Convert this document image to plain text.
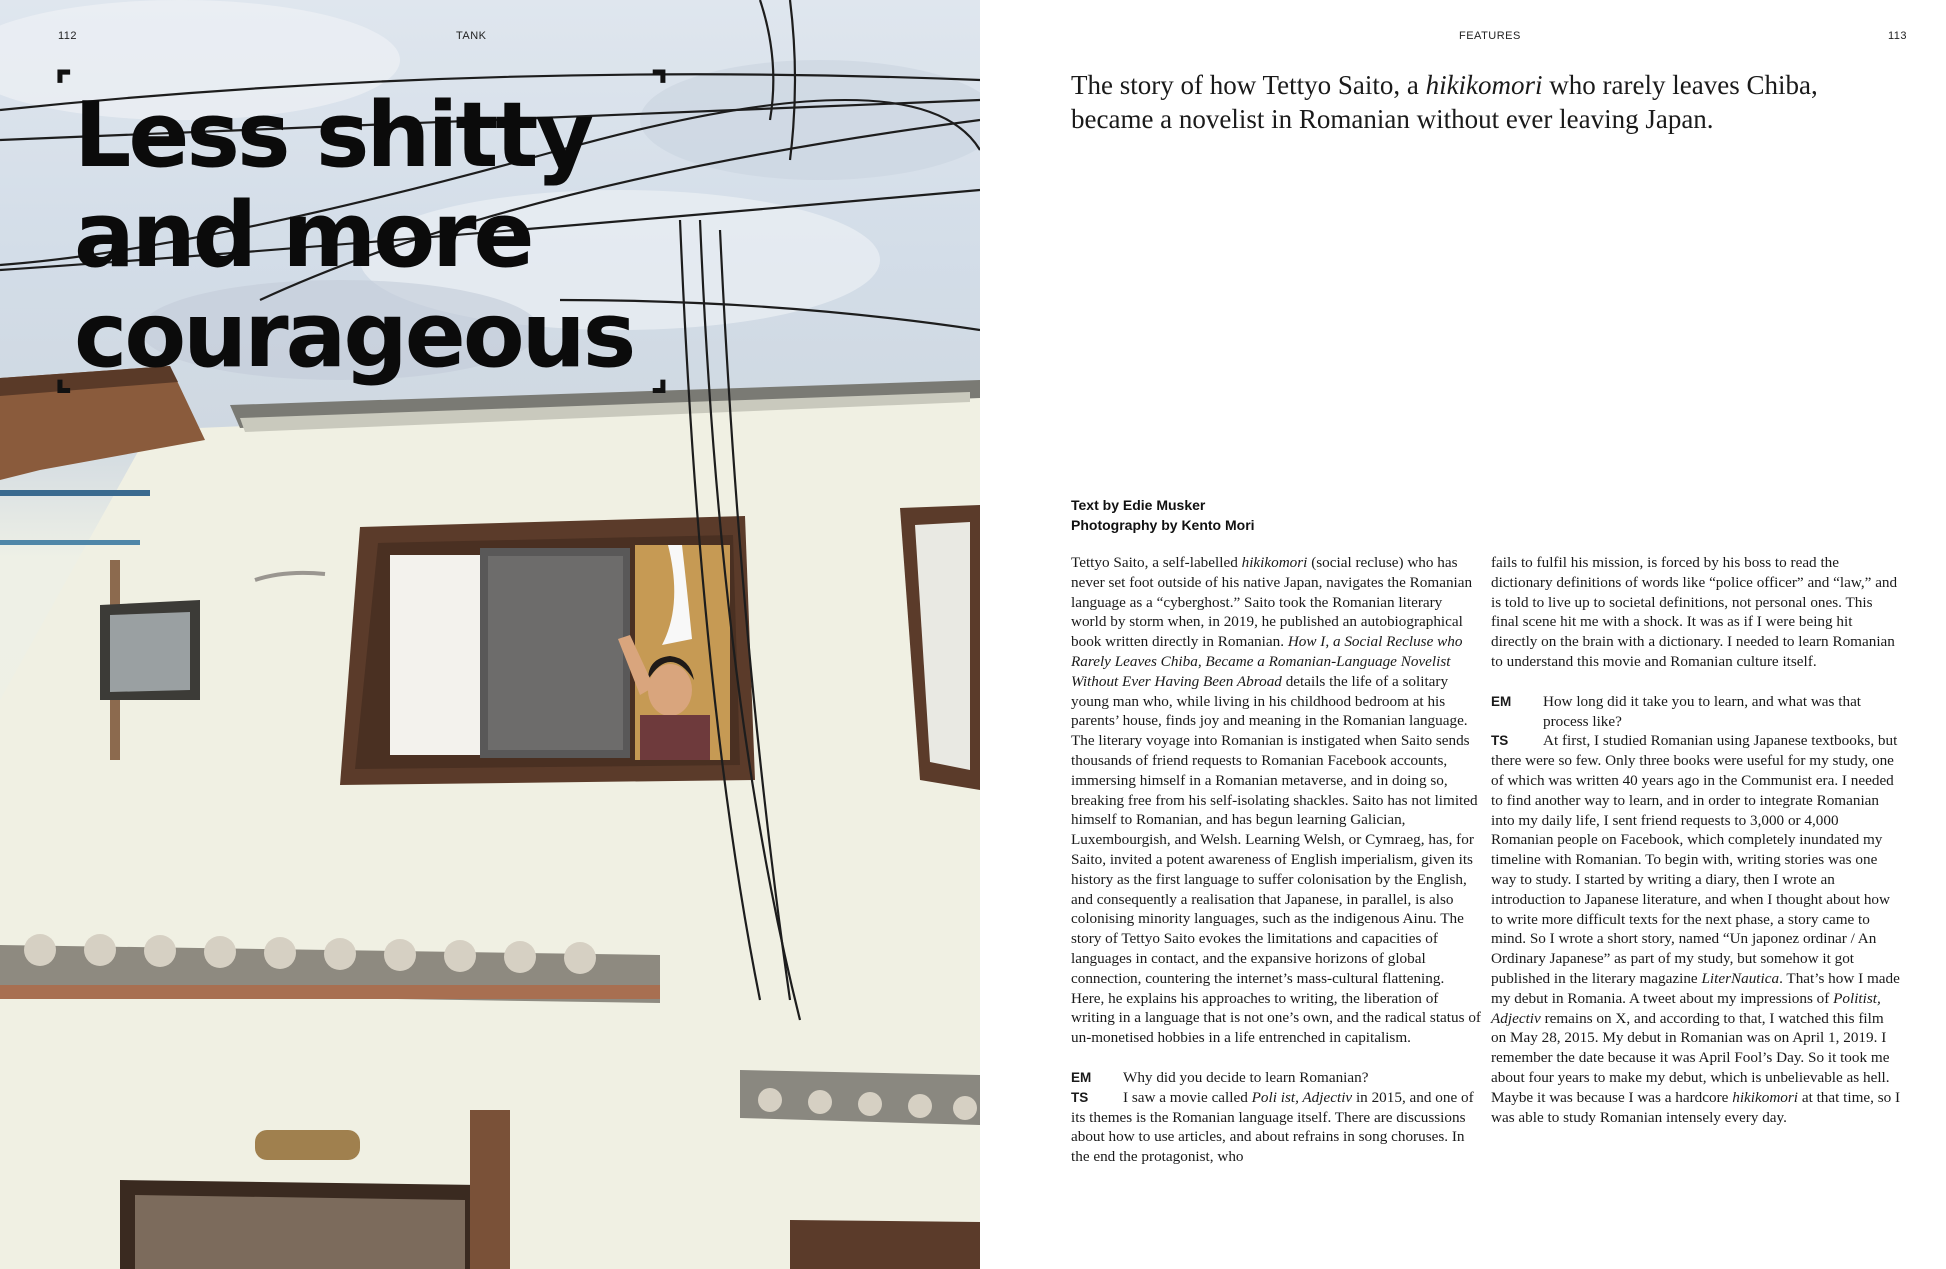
112	TANK
⌜	⌝
⌞	⌟
Less shitty
and more
courageous
FEATURES	113

The story of how Tettyo Saito, a hikikomori who rarely leaves Chiba, became a novelist in Romanian without ever leaving Japan.

Text by Edie Musker
Photography by Kento Mori

Tettyo Saito, a self-labelled hikikomori (social recluse) who has never set foot outside of his native Japan, navigates the Romanian language as a “cyberghost.” Saito took the Romanian literary world by storm when, in 2019, he published an autobiographical book written directly in Romanian. How I, a Social Recluse who Rarely Leaves Chiba, Became a Romanian-Language Novelist Without Ever Having Been Abroad details the life of a solitary young man who, while living in his childhood bedroom at his parents’ house, finds joy and meaning in the Romanian language. The literary voyage into Romanian is instigated when Saito sends thousands of friend requests to Romanian Facebook accounts, immersing himself in a Romanian metaverse, and in doing so, breaking free from his self-isolating shackles. Saito has not limited himself to Romanian, and has begun learning Galician, Luxembourgish, and Welsh. Learning Welsh, or Cymraeg, has, for Saito, invited a potent awareness of English imperialism, given its history as the first language to suffer colonisation by the English, and consequently a realisation that Japanese, in parallel, is also colonising minority languages, such as the indigenous Ainu. The story of Tettyo Saito evokes the limitations and capacities of languages in contact, and the expansive horizons of global connection, countering the internet’s mass-cultural flattening. Here, he explains his approaches to writing, the liberation of writing in a language that is not one’s own, and the radical status of un-monetised hobbies in a life entrenched in capitalism.

EM Why did you decide to learn Romanian?

TS I saw a movie called Poli ist, Adjectiv in 2015, and one of its themes is the Romanian language itself. There are discussions about how to use articles, and about refrains in song choruses. In the end the protagonist, who

fails to fulfil his mission, is forced by his boss to read the dictionary definitions of words like “police officer” and “law,” and is told to live up to societal definitions, not personal ones. This final scene hit me with a shock. It was as if I were being hit directly on the brain with a dictionary. I needed to learn Romanian to understand this movie and Romanian culture itself.

EM How long did it take you to learn, and what was that process like?

TS At first, I studied Romanian using Japanese textbooks, but there were so few. Only three books were useful for my study, one of which was written 40 years ago in the Communist era. I needed to find another way to learn, and in order to integrate Romanian into my daily life, I sent friend requests to 3,000 or 4,000 Romanian people on Facebook, which completely inundated my timeline with Romanian. To begin with, writing stories was one way to study. I started by writing a diary, then I wrote an introduction to Japanese literature, and when I thought about how to write more difficult texts for the next phase, a story came to mind. So I wrote a short story, named “Un japonez ordinar / An Ordinary Japanese” as part of my study, but somehow it got published in the literary magazine LiterNautica. That’s how I made my debut in Romania. A tweet about my impressions of Politist, Adjectiv remains on X, and according to that, I watched this film on May 28, 2015. My debut in Romanian was on April 1, 2019. I remember the date because it was April Fool’s Day. So it took me about four years to make my debut, which is unbelievable as hell. Maybe it was because I was a hardcore hikikomori at that time, so I was able to study Romanian intensely every day.
